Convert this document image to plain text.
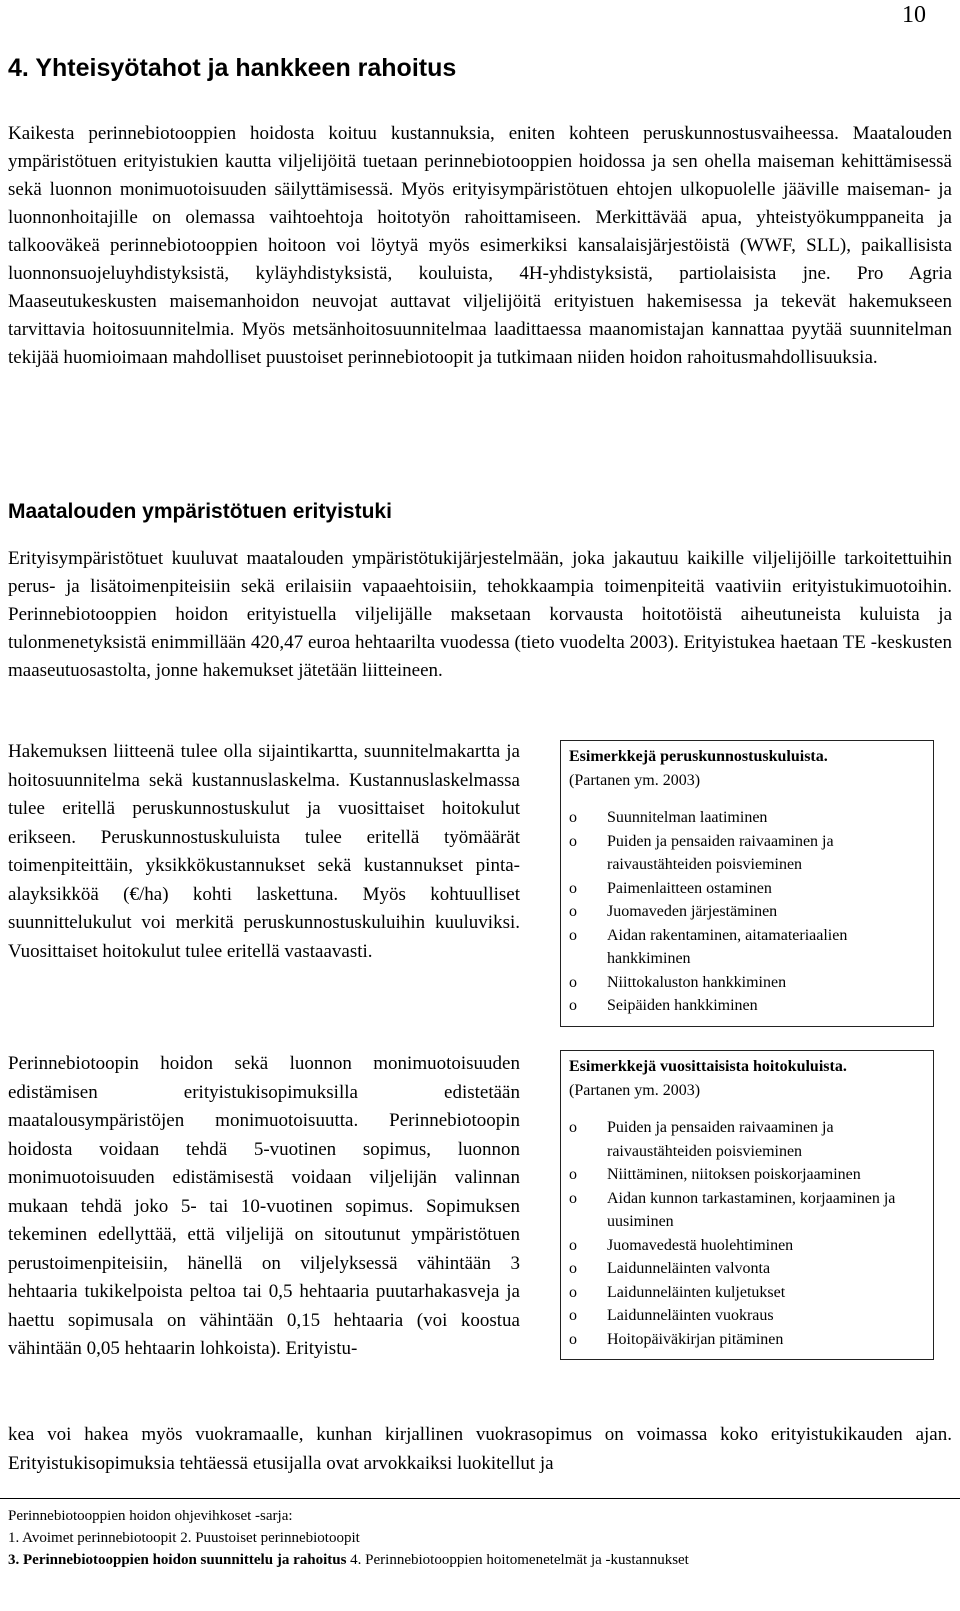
10
4. Yhteisyötahot ja hankkeen rahoitus

Kaikesta perinnebiotooppien hoidosta koituu kustannuksia, eniten kohteen peruskunnostusvaiheessa. Maatalouden ympäristötuen erityistukien kautta viljelijöitä tuetaan perinnebiotooppien hoidossa ja sen ohella maiseman kehittämisessä sekä luonnon monimuotoisuuden säilyttämisessä. Myös erityisympäristötuen ehtojen ulkopuolelle jääville maiseman- ja luonnonhoitajille on olemassa vaihtoehtoja hoitotyön rahoittamiseen. Merkittävää apua, yhteistyökumppaneita ja talkooväkeä perinnebiotooppien hoitoon voi löytyä myös esimerkiksi kansalaisjärjestöistä (WWF, SLL), paikallisista luonnonsuojeluyhdistyksistä, kyläyhdistyksistä, kouluista, 4H-yhdistyksistä, partiolaisista jne. Pro Agria Maaseutukeskusten maisemanhoidon neuvojat auttavat viljelijöitä erityistuen hakemisessa ja tekevät hakemukseen tarvittavia hoitosuunnitelmia. Myös metsänhoitosuunnitelmaa laadittaessa maanomistajan kannattaa pyytää suunnitelman tekijää huomioimaan mahdolliset puustoiset perinnebiotoopit ja tutkimaan niiden hoidon rahoitusmahdollisuuksia.

Maatalouden ympäristötuen erityistuki

Erityisympäristötuet kuuluvat maatalouden ympäristötukijärjestelmään, joka jakautuu kaikille viljelijöille tarkoitettuihin perus- ja lisätoimenpiteisiin sekä erilaisiin vapaaehtoisiin, tehokkaampia toimenpiteitä vaativiin erityistukimuotoihin. Perinnebiotooppien hoidon erityistuella viljelijälle maksetaan korvausta hoitotöistä aiheutuneista kuluista ja tulonmenetyksistä enimmillään 420,47 euroa hehtaarilta vuodessa (tieto vuodelta 2003). Erityistukea haetaan TE -keskusten maaseutuosastolta, jonne hakemukset jätetään liitteineen.

Hakemuksen liitteenä tulee olla sijaintikartta, suunnitelmakartta ja hoitosuunnitelma sekä kustannuslaskelma. Kustannuslaskelmassa tulee eritellä peruskunnostuskulut ja vuosittaiset hoitokulut erikseen. Peruskunnostuskuluista tulee eritellä työmäärät toimenpiteittäin, yksikkökustannukset sekä kustannukset pinta-alayksikköä (€/ha) kohti laskettuna. Myös kohtuulliset suunnittelukulut voi merkitä peruskunnostuskuluihin kuuluviksi. Vuosittaiset hoitokulut tulee eritellä vastaavasti.

Perinnebiotoopin hoidon sekä luonnon monimuotoisuuden edistämisen erityistukisopimuksilla edistetään maatalousympäristöjen monimuotoisuutta. Perinnebiotoopin hoidosta voidaan tehdä 5-vuotinen sopimus, luonnon monimuotoisuuden edistämisestä voidaan viljelijän valinnan mukaan tehdä joko 5- tai 10-vuotinen sopimus. Sopimuksen tekeminen edellyttää, että viljelijä on sitoutunut ympäristötuen perustoimenpiteisiin, hänellä on viljelyksessä vähintään 3 hehtaaria tukikelpoista peltoa tai 0,5 hehtaaria puutarhakasveja ja haettu sopimusala on vähintään 0,15 hehtaaria (voi koostua vähintään 0,05 hehtaarin lohkoista). Erityistu-

Esimerkkejä peruskunnostuskuluista.
(Partanen ym. 2003)
o Suunnitelman laatiminen
o Puiden ja pensaiden raivaaminen ja raivaustähteiden poisvieminen
o Paimenlaitteen ostaminen
o Juomaveden järjestäminen
o Aidan rakentaminen, aitamateriaalien hankkiminen
o Niittokaluston hankkiminen
o Seipäiden hankkiminen
Esimerkkejä vuosittaisista hoitokuluista.
(Partanen ym. 2003)
o Puiden ja pensaiden raivaaminen ja raivaustähteiden poisvieminen
o Niittäminen, niitoksen poiskorjaaminen
o Aidan kunnon tarkastaminen, korjaaminen ja uusiminen
o Juomavedestä huolehtiminen
o Laidunneläinten valvonta
o Laidunneläinten kuljetukset
o Laidunneläinten vuokraus
o Hoitopäiväkirjan pitäminen

kea voi hakea myös vuokramaalle, kunhan kirjallinen vuokrasopimus on voimassa koko erityistukikauden ajan. Erityistukisopimuksia tehtäessä etusijalla ovat arvokkaiksi luokitellut ja

Perinnebiotooppien hoidon ohjevihkoset -sarja:
1. Avoimet perinnebiotoopit 2. Puustoiset perinnebiotoopit
3. Perinnebiotooppien hoidon suunnittelu ja rahoitus 4. Perinnebiotooppien hoitomenetelmät ja -kustannukset
